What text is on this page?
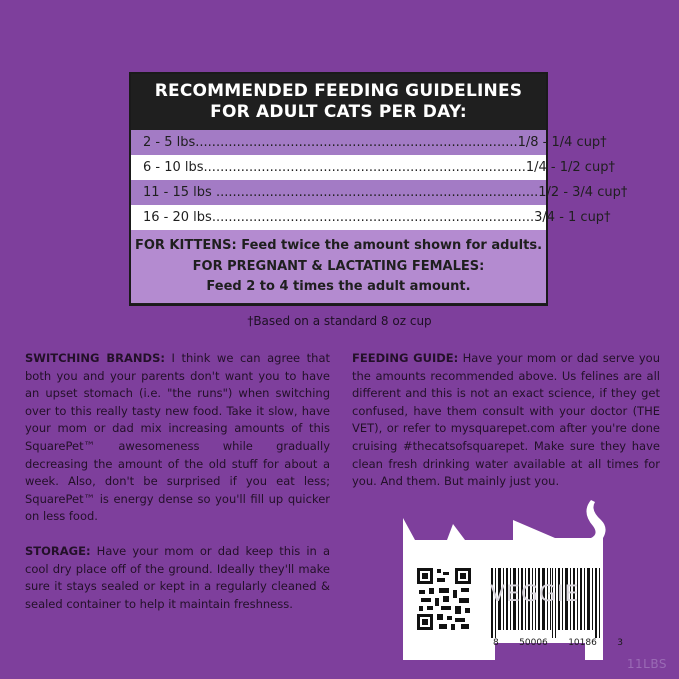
RECOMMENDED FEEDING GUIDELINES
FOR ADULT CATS PER DAY:
2 - 5 lbs .............................................................................. 1/8 - 1/4 cup†
6 - 10 lbs .............................................................................. 1/4 - 1/2 cup†
11 - 15 lbs .............................................................................. 1/2 - 3/4 cup†
16 - 20 lbs .............................................................................. 3/4 - 1 cup†
FOR KITTENS: Feed twice the amount shown for adults.
FOR PREGNANT & LACTATING FEMALES:
Feed 2 to 4 times the adult amount.
†Based on a standard 8 oz cup
SWITCHING BRANDS: I think we can agree that both you and your parents don't want you to have an upset stomach (i.e. "the runs") when switching over to this really tasty new food. Take it slow, have your mom or dad mix increasing amounts of this SquarePet™ awesomeness while gradually decreasing the amount of the old stuff for about a week. Also, don't be surprised if you eat less; SquarePet™ is energy dense so you'll fill up quicker on less food.
STORAGE: Have your mom or dad keep this in a cool dry place off of the ground. Ideally they'll make sure it stays sealed or kept in a regularly cleaned & sealed container to help it maintain freshness.
FEEDING GUIDE: Have your mom or dad serve you the amounts recommended above. Us felines are all different and this is not an exact science, if they get confused, have them consult with your doctor (THE VET), or refer to mysquarepet.com after you're done cruising #thecatsofsquarepet. Make sure they have clean fresh drinking water available at all times for you. And them. But mainly just you.
VEGGIE
8 50006 10186 3
11LBS
